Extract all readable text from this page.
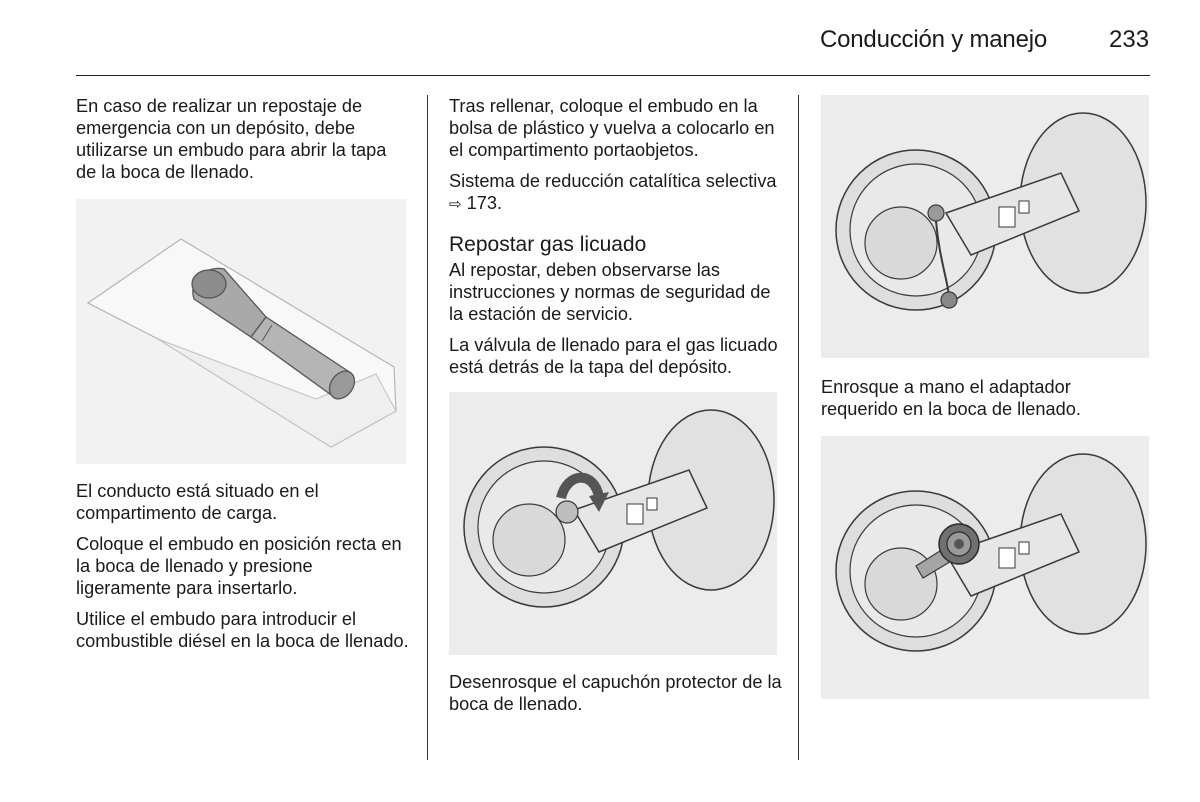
Conducción y manejo	233

En caso de realizar un repostaje de emergencia con un depósito, debe utilizarse un embudo para abrir la tapa de la boca de llenado.

El conducto está situado en el compartimento de carga.

Coloque el embudo en posición recta en la boca de llenado y presione ligeramente para insertarlo.

Utilice el embudo para introducir el combustible diésel en la boca de llenado.

Tras rellenar, coloque el embudo en la bolsa de plástico y vuelva a colocarlo en el compartimento portaobjetos.

Sistema de reducción catalítica selectiva ⇨ 173.

Repostar gas licuado

Al repostar, deben observarse las instrucciones y normas de seguridad de la estación de servicio.

La válvula de llenado para el gas licuado está detrás de la tapa del depósito.

Desenrosque el capuchón protector de la boca de llenado.

Enrosque a mano el adaptador requerido en la boca de llenado.
